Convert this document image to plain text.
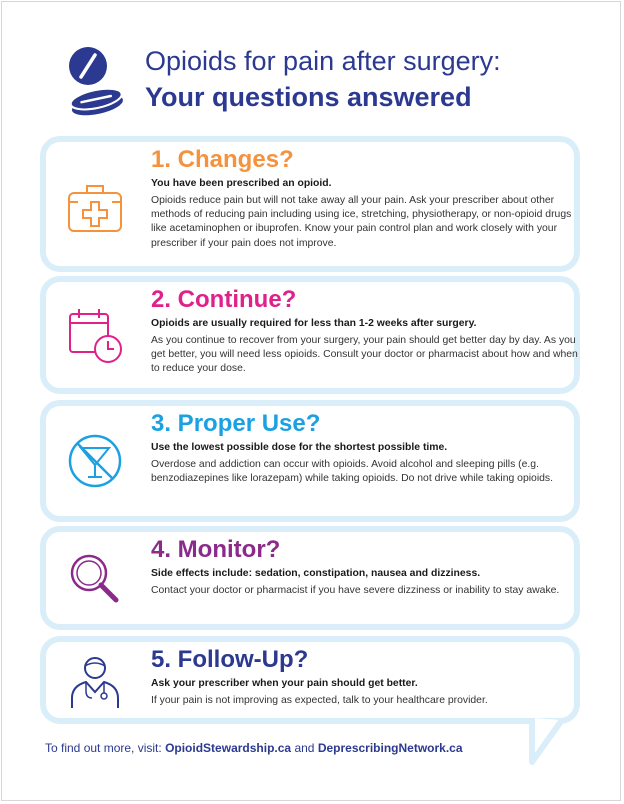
Opioids for pain after surgery:
Your questions answered
1. Changes?
You have been prescribed an opioid.
Opioids reduce pain but will not take away all your pain. Ask your prescriber about other methods of reducing pain including using ice, stretching, physiotherapy, or non-opioid drugs like acetaminophen or ibuprofen. Know your pain control plan and work closely with your prescriber if your pain does not improve.
2. Continue?
Opioids are usually required for less than 1-2 weeks after surgery.
As you continue to recover from your surgery, your pain should get better day by day. As you get better, you will need less opioids. Consult your doctor or pharmacist about how and when to reduce your dose.
3. Proper Use?
Use the lowest possible dose for the shortest possible time.
Overdose and addiction can occur with opioids. Avoid alcohol and sleeping pills (e.g. benzodiazepines like lorazepam) while taking opioids. Do not drive while taking opioids.
4. Monitor?
Side effects include: sedation, constipation, nausea and dizziness.
Contact your doctor or pharmacist if you have severe dizziness or inability to stay awake.
5. Follow-Up?
Ask your prescriber when your pain should get better.
If your pain is not improving as expected, talk to your healthcare provider.
To find out more, visit: OpioidStewardship.ca and DeprescribingNetwork.ca
